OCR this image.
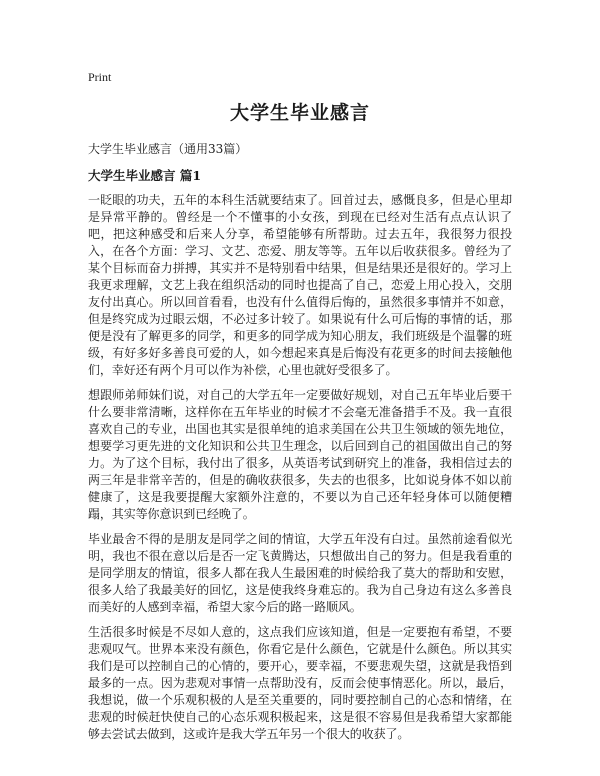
Print

大学生毕业感言

大学生毕业感言（通用33篇）

大学生毕业感言 篇1

一眨眼的功夫，五年的本科生活就要结束了。回首过去，感慨良多，但是心里却是异常平静的。曾经是一个不懂事的小女孩，到现在已经对生活有点点认识了吧，把这种感受和后来人分享，希望能够有所帮助。过去五年，我很努力很投入，在各个方面：学习、文艺、恋爱、朋友等等。五年以后收获很多。曾经为了某个目标而奋力拼搏，其实并不是特别看中结果，但是结果还是很好的。学习上我更求理解，文艺上我在组织活动的同时也提高了自己，恋爱上用心投入，交朋友付出真心。所以回首看看，也没有什么值得后悔的，虽然很多事情并不如意，但是终究成为过眼云烟，不必过多计较了。如果说有什么可后悔的事情的话，那便是没有了解更多的同学，和更多的同学成为知心朋友，我们班级是个温馨的班级，有好多好多善良可爱的人，如今想起来真是后悔没有花更多的时间去接触他们，幸好还有两个月可以作为补偿，心里也就好受很多了。

想跟师弟师妹们说，对自己的大学五年一定要做好规划，对自己五年毕业后要干什么要非常清晰，这样你在五年毕业的时候才不会毫无准备措手不及。我一直很喜欢自己的专业，出国也其实是很单纯的追求美国在公共卫生领域的领先地位，想要学习更先进的文化知识和公共卫生理念，以后回到自己的祖国做出自己的努力。为了这个目标，我付出了很多，从英语考试到研究上的准备，我相信过去的两三年是非常辛苦的，但是的确收获很多，失去的也很多，比如说身体不如以前健康了，这是我要提醒大家额外注意的，不要以为自己还年轻身体可以随便糟蹋，其实等你意识到已经晚了。

毕业最舍不得的是朋友是同学之间的情谊，大学五年没有白过。虽然前途看似光明，我也不很在意以后是否一定飞黄腾达，只想做出自己的努力。但是我看重的是同学朋友的情谊，很多人都在我人生最困难的时候给我了莫大的帮助和安慰，很多人给了我最美好的回忆，这是使我终身难忘的。我为自己身边有这么多善良而美好的人感到幸福，希望大家今后的路一路顺风。

生活很多时候是不尽如人意的，这点我们应该知道，但是一定要抱有希望，不要悲观叹气。世界本来没有颜色，你看它是什么颜色，它就是什么颜色。所以其实我们是可以控制自己的心情的，要开心，要幸福，不要悲观失望，这就是我悟到最多的一点。因为悲观对事情一点帮助没有，反而会使事情恶化。所以，最后，我想说，做一个乐观积极的人是至关重要的，同时要控制自己的心态和情绪，在悲观的时候赶快使自己的心态乐观积极起来，这是很不容易但是我希望大家都能够去尝试去做到，这或许是我大学五年另一个很大的收获了。
